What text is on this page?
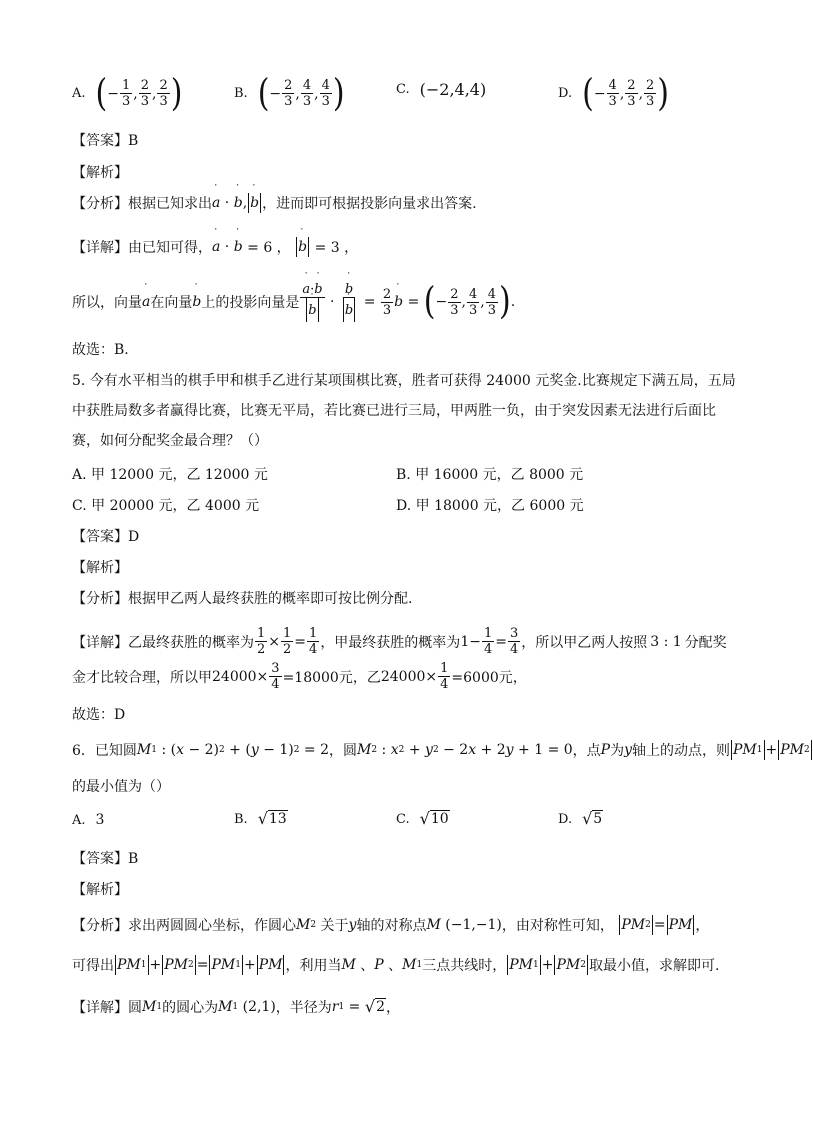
A. ( − $\frac{1}{3}$ , $\frac{2}{3}$ , $\frac{2}{3}$ )	B. ( − $\frac{2}{3}$ , $\frac{4}{3}$ , $\frac{4}{3}$ )	C. (−2,4,4)	D. ( − $\frac{4}{3}$ , $\frac{2}{3}$ , $\frac{2}{3}$ )
【答案】B
【解析】
【分析】 根据已知求出 ˙ a · ˙ b , ˙ b ，进而即可根据投影向量求出答案.
【详解】 由已知可得， ˙ a · ˙ b
= 6 ，
˙ b
= 3 ，
所以，向量 ˙ a 在向量 ˙ b 上的投影向量是 ˙ a·˙ b
˙ b · ˙ b
˙ $b = \frac{2}{3}$ ˙ b = ( − $\frac{2}{3}$ , $\frac{4}{3}$ , $\frac{4}{3}$ ) .
故选：B.
5. 今有水平相当的棋手甲和棋手乙进行某项围棋比赛，胜者可获得 24000 元奖金.比赛规定下满五局，五局
中获胜局数多者赢得比赛，比赛无平局，若比赛已进行三局，甲两胜一负，由于突发因素无法进行后面比
赛，如何分配奖金最合理？（）
A. 甲 12000 元，乙 12000 元	B. 甲 16000 元，乙 8000 元
C. 甲 20000 元，乙 4000 元	D. 甲 18000 元，乙 6000 元
【答案】D
【解析】
【分析】根据甲乙两人最终获胜的概率即可按比例分配.
【详解】 乙最终获胜的概率为 $\frac{1}{2} \times \frac{1}{2} = \frac{1}{4}$ ，甲最终获胜的概率为 $1- \frac{1}{4} = \frac{3}{4}$ ，所以甲乙两人按照 3 : 1 分配奖
金才比较合理，所以甲 $24000\times \frac{3}{4} =18000$元，乙 $24000\times \frac{1}{4} =6000$元，
故选：D
6．已知圆 M 1 : ( x − 2) 2 + ( y − 1) 2 = 2 ，圆 M 2 : x 2 + y 2 − 2 x + 2 y + 1 = 0 ，点 P 为 y 轴上的动点，则 PM 1 + PM 2
的最小值为（）
A. 3	B. √ 13	C. √ 10	D. √ 5
【答案】B
【解析】
【分析】 求出两圆圆心坐标，作圆心 M 2
关于 y 轴的对称点 M (−1,−1) ，由对称性可知，
PM 2 = PM ，
可得出 PM 1 + PM 2 = PM 1 + PM ，利用当 M 、 P 、 M 1 三点共线时， PM 1 + PM 2 取最小值，求解即可.
【详解】 圆 M 1 的圆心为 M 1 (2,1) ，半径为 r 1 = √ 2 ，
